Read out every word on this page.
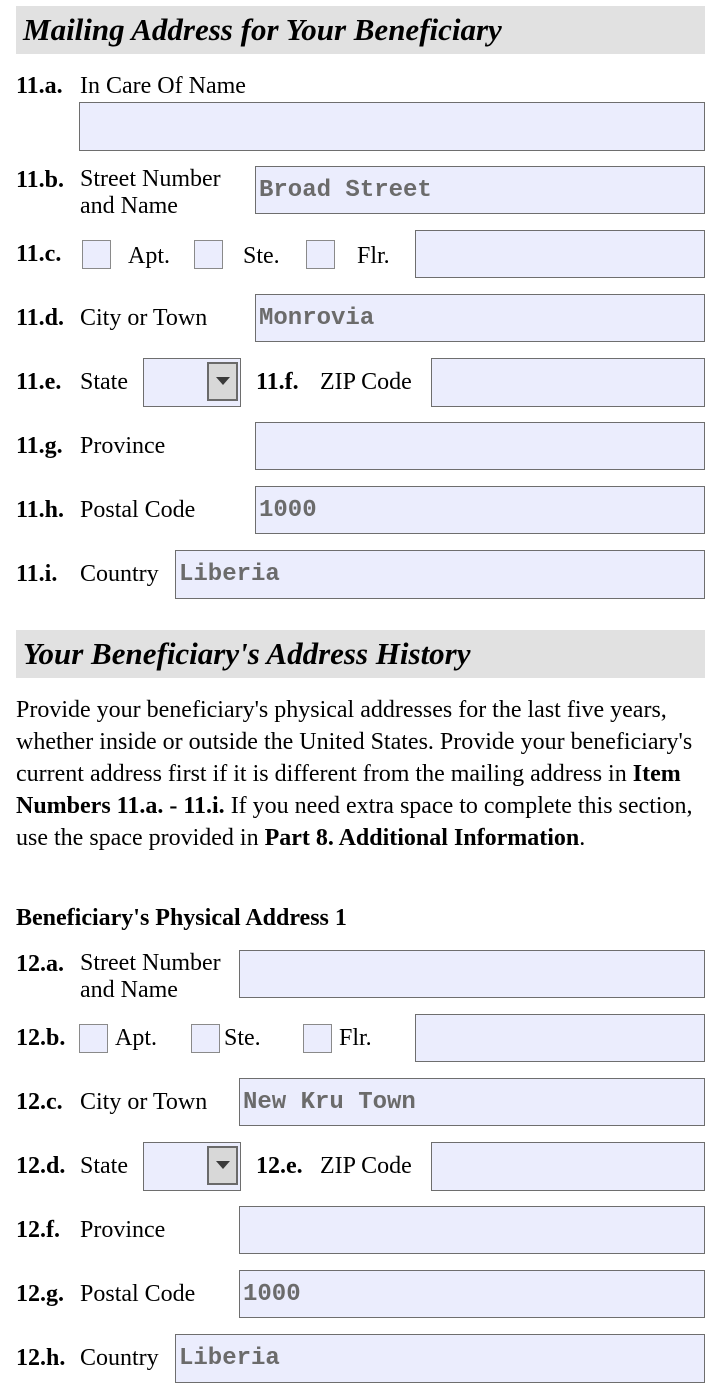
Mailing Address for Your Beneficiary
11.a. In Care Of Name
11.b. Street Number
and Name
Broad Street
11.c.	Apt.	Ste.	Flr.
11.d. City or Town Monrovia
11.e. State	11.f. ZIP Code
11.g. Province
11.h. Postal Code	1000
11.i. Country Liberia
Your Beneficiary's Address History
Provide your beneficiary's physical addresses for the last five years, whether inside or outside the United States. Provide your beneficiary's current address first if it is different from the mailing address in Item Numbers 11.a. - 11.i. If you need extra space to complete this section, use the space provided in Part 8. Additional Information.
Beneficiary's Physical Address 1
12.a. Street Number
and Name
12.b. Apt.	Ste.	Flr.
12.c. City or Town New Kru Town
12.d. State	12.e. ZIP Code
12.f. Province
12.g. Postal Code 1000
12.h. Country Liberia
